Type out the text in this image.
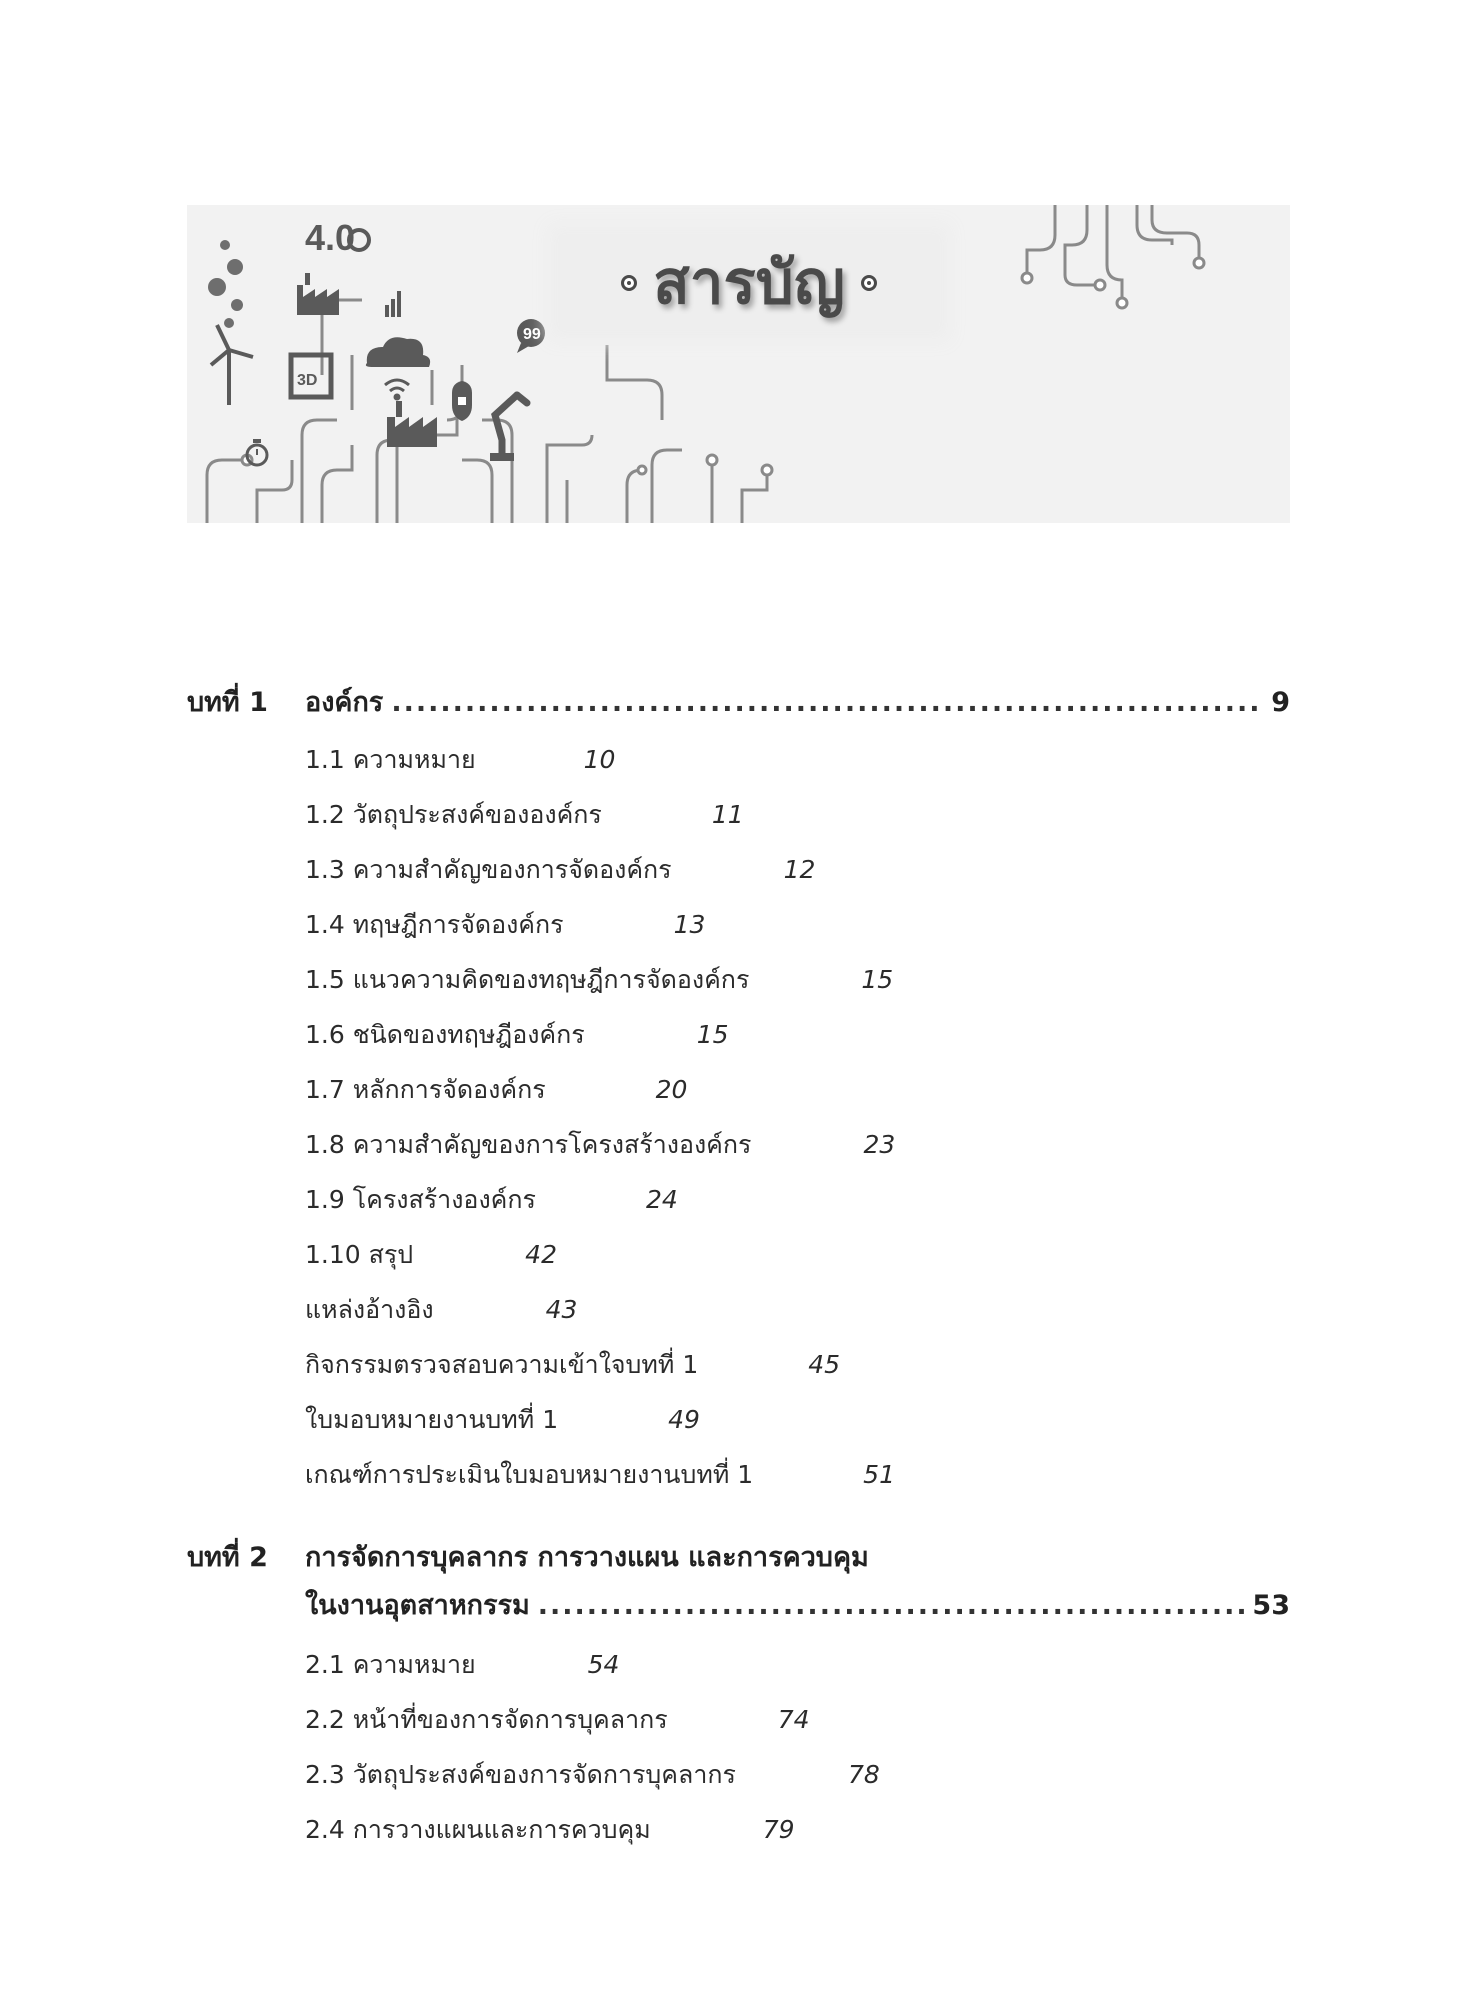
4.0
3D
99
สารบัญ
บทที่ 1 องค์กร .....	9
1.1 ความหมาย	10
1.2 วัตถุประสงค์ขององค์กร	11
1.3 ความสำคัญของการจัดองค์กร	12
1.4 ทฤษฎีการจัดองค์กร	13
1.5 แนวความคิดของทฤษฎีการจัดองค์กร	15
1.6 ชนิดของทฤษฎีองค์กร	15
1.7 หลักการจัดองค์กร	20
1.8 ความสำคัญของการโครงสร้างองค์กร	23
1.9 โครงสร้างองค์กร	24
1.10 สรุป	42
แหล่งอ้างอิง	43
กิจกรรมตรวจสอบความเข้าใจบทที่ 1	45
ใบมอบหมายงานบทที่ 1	49
เกณฑ์การประเมินใบมอบหมายงานบทที่ 1	51
บทที่ 2 การจัดการบุคลากร การวางแผน และการควบคุม
ในงานอุตสาหกรรม .....	53
2.1 ความหมาย	54
2.2 หน้าที่ของการจัดการบุคลากร	74
2.3 วัตถุประสงค์ของการจัดการบุคลากร	78
2.4 การวางแผนและการควบคุม	79
